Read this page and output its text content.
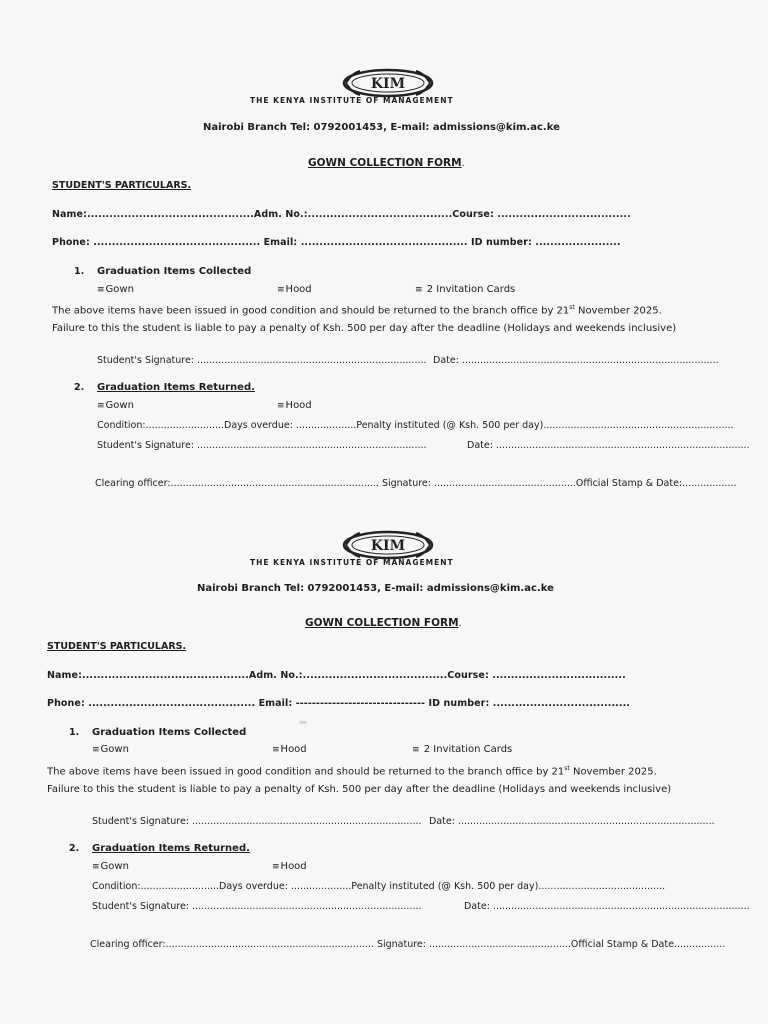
KIM
THE KENYA INSTITUTE OF MANAGEMENT
Nairobi Branch Tel: 0792001453, E-mail: admissions@kim.ac.ke
GOWN COLLECTION FORM.
STUDENT'S PARTICULARS.
Name:.............................................Adm. No.:.......................................Course: ....................................
Phone: ............................................. Email: ............................................. ID number: .......................
1. Graduation Items Collected
≡Gown	≡Hood	≡ 2 Invitation Cards
The above items have been issued in good condition and should be returned to the branch office by 21st November 2025.
Failure to this the student is liable to pay a penalty of Ksh. 500 per day after the deadline (Holidays and weekends inclusive)
Student's Signature: ............................................................................ Date: .....................................................................................
2. Graduation Items Returned.
≡Gown	≡Hood
Condition:..........................Days overdue: ....................Penalty instituted (@ Ksh. 500 per day)...............................................................
Student's Signature: ............................................................................	Date: ....................................................................................
Clearing officer:..................................................................... Signature: ...............................................Official Stamp & Date:..................
KIM
THE KENYA INSTITUTE OF MANAGEMENT
Nairobi Branch Tel: 0792001453, E-mail: admissions@kim.ac.ke
GOWN COLLECTION FORM.
STUDENT'S PARTICULARS.
Name:.............................................Adm. No.:.......................................Course: ....................................
Phone: ............................................. Email: -------------------------------- ID number: .....................................
1. Graduation Items Collected
≡Gown	≡Hood	≡ 2 Invitation Cards
The above items have been issued in good condition and should be returned to the branch office by 21st November 2025.
Failure to this the student is liable to pay a penalty of Ksh. 500 per day after the deadline (Holidays and weekends inclusive)
Student's Signature: ............................................................................ Date: .....................................................................................
2. Graduation Items Returned.
≡Gown	≡Hood
Condition:..........................Days overdue: ....................Penalty instituted (@ Ksh. 500 per day)..........................................
Student's Signature: ............................................................................	Date: .....................................................................................
Clearing officer:..................................................................... Signature: ...............................................Official Stamp & Date.................
